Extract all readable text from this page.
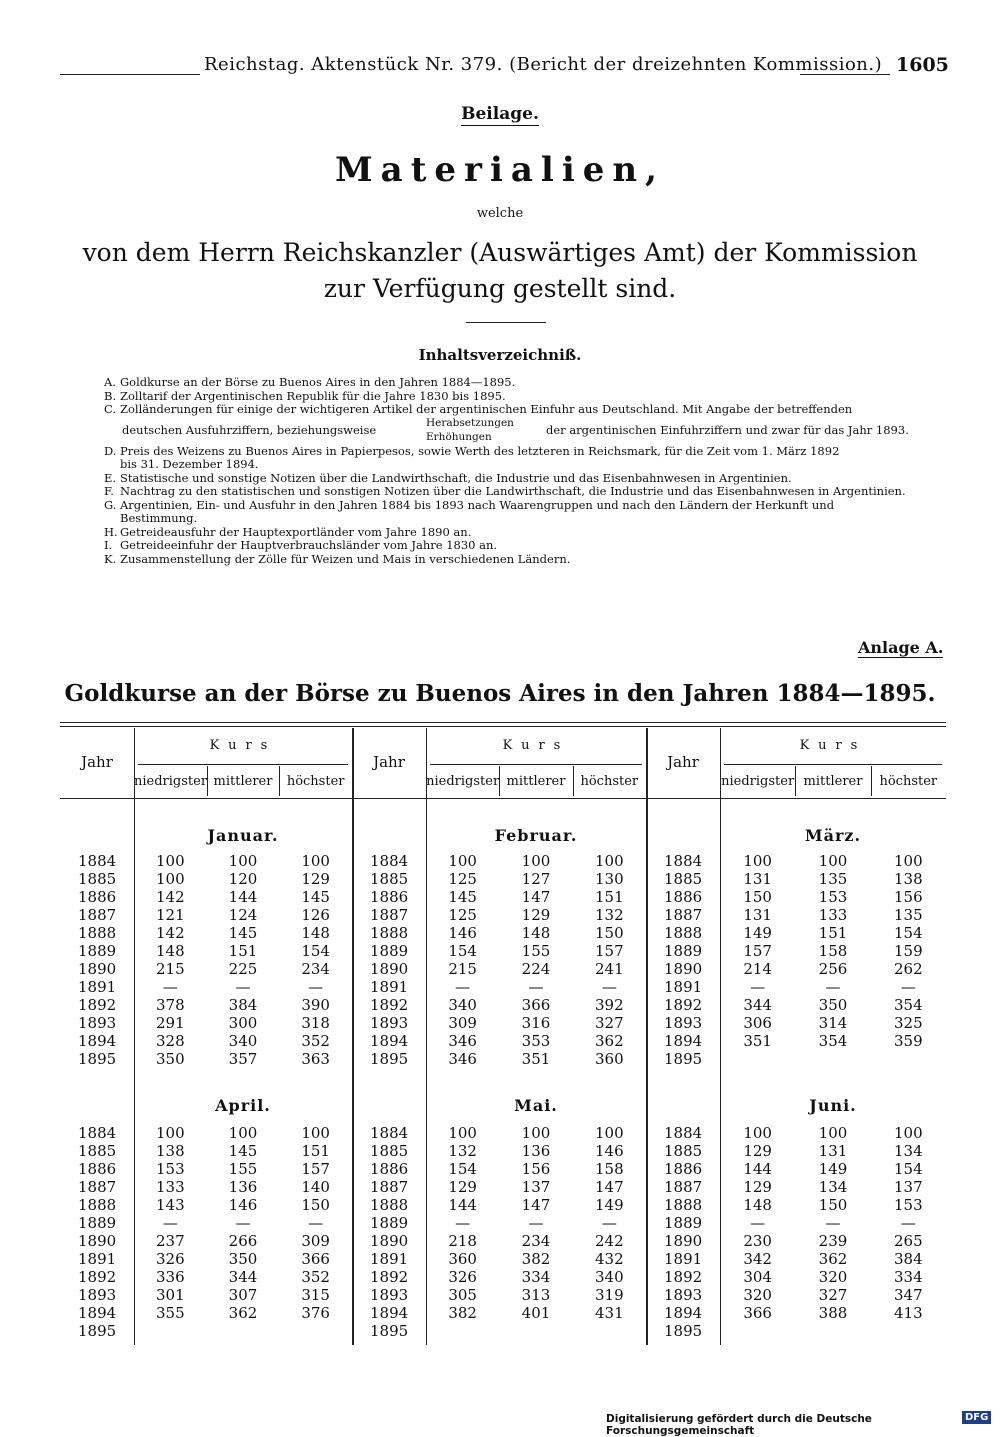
Reichstag. Aktenstück Nr. 379. (Bericht der dreizehnten Kommission.) 1605
Beilage.
Materialien,
welche
von dem Herrn Reichskanzler (Auswärtiges Amt) der Kommission
zur Verfügung gestellt sind.
Inhaltsverzeichniß.
A. Goldkurse an der Börse zu Buenos Aires in den Jahren 1884—1895.
B. Zolltarif der Argentinischen Republik für die Jahre 1830 bis 1895.
C. Zolländerungen für einige der wichtigeren Artikel der argentinischen Einfuhr aus Deutschland. Mit Angabe der betreffenden
deutschen Ausfuhrziffern, beziehungsweise	Herabsetzungen
Erhöhungen	der argentinischen Einfuhrziffern und zwar für das Jahr 1893.
D. Preis des Weizens zu Buenos Aires in Papierpesos, sowie Werth des letzteren in Reichsmark, für die Zeit vom 1. März 1892
bis 31. Dezember 1894.
E. Statistische und sonstige Notizen über die Landwirthschaft, die Industrie und das Eisenbahnwesen in Argentinien.
F. Nachtrag zu den statistischen und sonstigen Notizen über die Landwirthschaft, die Industrie und das Eisenbahnwesen in Argentinien.
G. Argentinien, Ein- und Ausfuhr in den Jahren 1884 bis 1893 nach Waarengruppen und nach den Ländern der Herkunft und
Bestimmung.
H. Getreideausfuhr der Hauptexportländer vom Jahre 1890 an.
I. Getreideeinfuhr der Hauptverbrauchsländer vom Jahre 1830 an.
K. Zusammenstellung der Zölle für Weizen und Mais in verschiedenen Ländern.
Anlage A.
Goldkurse an der Börse zu Buenos Aires in den Jahren 1884—1895.
Jahr
Kurs
niedrigster mittlerer	höchster
Januar.
1884	100	100	100
1885	100	120	129
1886	142	144	145
1887	121	124	126
1888	142	145	148
1889	148	151	154
1890	215	225	234
1891	—	—	—
1892	378	384	390
1893	291	300	318
1894	328	340	352
1895	350	357	363
April.
1884	100	100	100
1885	138	145	151
1886	153	155	157
1887	133	136	140
1888	143	146	150
1889	—	—	—
1890	237	266	309
1891	326	350	366
1892	336	344	352
1893	301	307	315
1894	355	362	376
1895
Jahr
Kurs
niedrigster mittlerer	höchster
Februar.
1884	100	100	100
1885	125	127	130
1886	145	147	151
1887	125	129	132
1888	146	148	150
1889	154	155	157
1890	215	224	241
1891	—	—	—
1892	340	366	392
1893	309	316	327
1894	346	353	362
1895	346	351	360
Mai.
1884	100	100	100
1885	132	136	146
1886	154	156	158
1887	129	137	147
1888	144	147	149
1889	—	—	—
1890	218	234	242
1891	360	382	432
1892	326	334	340
1893	305	313	319
1894	382	401	431
1895
Jahr
Kurs
niedrigster mittlerer	höchster
März.
1884	100	100	100
1885	131	135	138
1886	150	153	156
1887	131	133	135
1888	149	151	154
1889	157	158	159
1890	214	256	262
1891	—	—	—
1892	344	350	354
1893	306	314	325
1894	351	354	359
1895
Juni.
1884	100	100	100
1885	129	131	134
1886	144	149	154
1887	129	134	137
1888	148	150	153
1889	—	—	—
1890	230	239	265
1891	342	362	384
1892	304	320	334
1893	320	327	347
1894	366	388	413
1895
Digitalisierung gefördert durch die Deutsche Forschungsgemeinschaft
DFG
